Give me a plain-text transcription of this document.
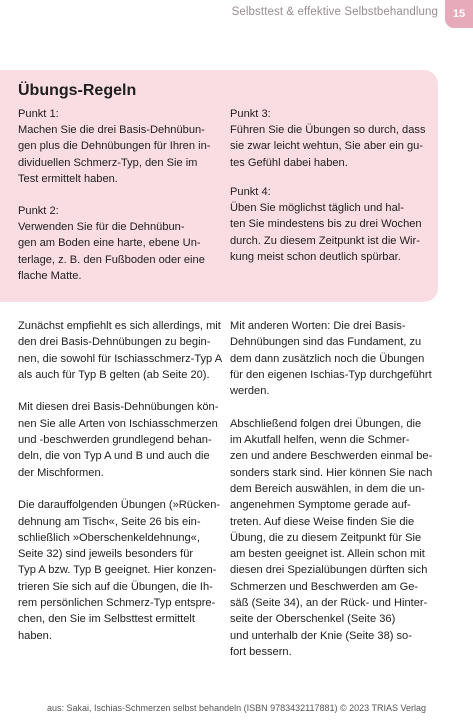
Selbsttest & effektive Selbstbehandlung 15
Übungs-Regeln
Punkt 1:
Machen Sie die drei Basis-Dehnübun-
gen plus die Dehnübungen für Ihren in-
dividuellen Schmerz-Typ, den Sie im
Test ermittelt haben.
Punkt 2:
Verwenden Sie für die Dehnübun-
gen am Boden eine harte, ebene Un-
terlage, z. B. den Fußboden oder eine
flache Matte.
Punkt 3:
Führen Sie die Übungen so durch, dass
sie zwar leicht wehtun, Sie aber ein gu-
tes Gefühl dabei haben.
Punkt 4:
Üben Sie möglichst täglich und hal-
ten Sie mindestens bis zu drei Wochen
durch. Zu diesem Zeitpunkt ist die Wir-
kung meist schon deutlich spürbar.

Zunächst empfiehlt es sich allerdings, mit
den drei Basis-Dehnübungen zu begin-
nen, die sowohl für Ischiasschmerz-Typ A
als auch für Typ B gelten (ab Seite 20).

Mit diesen drei Basis-Dehnübungen kön-
nen Sie alle Arten von Ischiasschmerzen
und -beschwerden grundlegend behan-
deln, die von Typ A und B und auch die
der Mischformen.

Die darauffolgenden Übungen (»Rücken-
dehnung am Tisch«, Seite 26 bis ein-
schließlich »Oberschenkeldehnung«,
Seite 32) sind jeweils besonders für
Typ A bzw. Typ B geeignet. Hier konzen-
trieren Sie sich auf die Übungen, die Ih-
rem persönlichen Schmerz-Typ entspre-
chen, den Sie im Selbsttest ermittelt
haben.

Mit anderen Worten: Die drei Basis-
Dehnübungen sind das Fundament, zu
dem dann zusätzlich noch die Übungen
für den eigenen Ischias-Typ durchgeführt
werden.

Abschließend folgen drei Übungen, die
im Akutfall helfen, wenn die Schmer-
zen und andere Beschwerden einmal be-
sonders stark sind. Hier können Sie nach
dem Bereich auswählen, in dem die un-
angenehmen Symptome gerade auf-
treten. Auf diese Weise finden Sie die
Übung, die zu diesem Zeitpunkt für Sie
am besten geeignet ist. Allein schon mit
diesen drei Spezialübungen dürften sich
Schmerzen und Beschwerden am Ge-
säß (Seite 34), an der Rück- und Hinter-
seite der Oberschenkel (Seite 36)
und unterhalb der Knie (Seite 38) so-
fort bessern.

aus: Sakai, Ischias-Schmerzen selbst behandeln (ISBN 9783432117881) © 2023 TRIAS Verlag
